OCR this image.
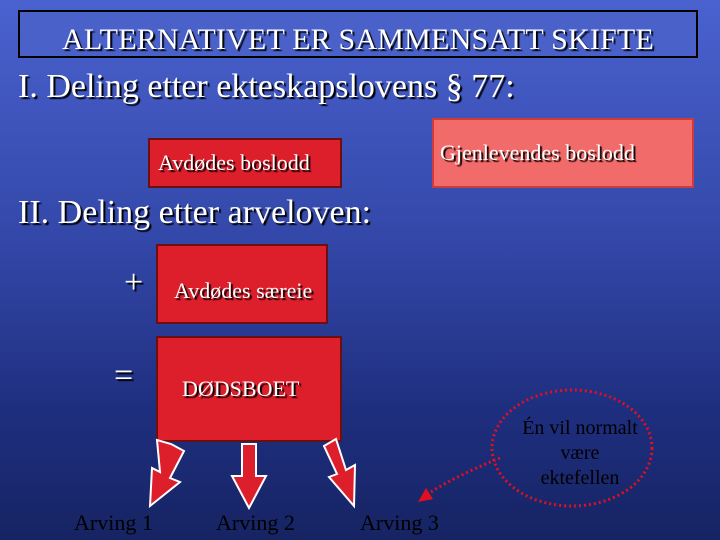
ALTERNATIVET ER SAMMENSATT SKIFTE
I. Deling etter ekteskapslovens § 77:
Avdødes boslodd	Gjenlevendes boslodd
II. Deling etter arveloven:
+ Avdødes særeie
= DØDSBOET
Arving 1	Arving 2	Arving 3
Én vil normalt
være
ektefellen
